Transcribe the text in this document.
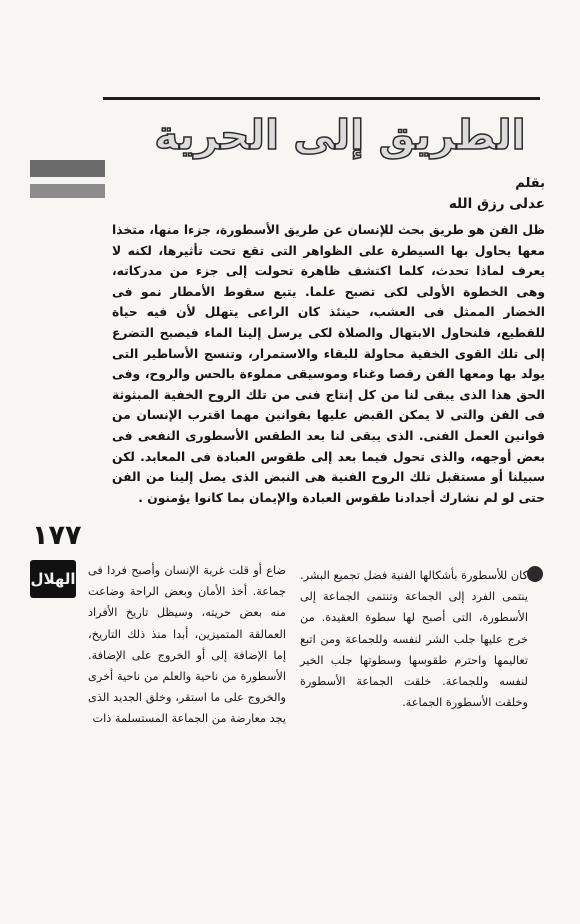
الطريق إلى الحرية
بقلم
عدلى رزق الله

ظل الفن هو طريق بحث للإنسان عن طريق الأسطورة، جزءا منها، متخذا معها يحاول بها السيطرة على الظواهر التى تقع تحت تأثيرها، لكنه لا يعرف لماذا تحدث، كلما اكتشف ظاهرة تحولت إلى جزء من مدركاته، وهى الخطوة الأولى لكى تصبح علما. يتبع سقوط الأمطار نمو فى الخضار الممثل فى العشب، حينئذ كان الراعى يتهلل لأن فيه حياة للقطيع، فلنحاول الابتهال والصلاة لكى يرسل إلينا الماء فيصبح التضرع إلى تلك القوى الخفية محاولة للبقاء والاستمرار، وتنسج الأساطير التى يولد بها ومعها الفن رقصا وغناء وموسيقى مملوءة بالحس والروح، وفى الحق هذا الذى يبقى لنا من كل إنتاج فنى من تلك الروح الخفية المبثوثة فى الفن والتى لا يمكن القبض عليها بقوانين مهما اقترب الإنسان من قوانين العمل الفنى. الذى يبقى لنا بعد الطقس الأسطورى النفعى فى بعض أوجهه، والذى تحول فيما بعد إلى طقوس العبادة فى المعابد. لكن سبيلنا أو مستقبل تلك الروح الفنية هى النبض الذى يصل إلينا من الفن حتى لو لم نشارك أجدادنا طقوس العبادة والإيمان بما كانوا يؤمنون .

١٧٧
الهلال	كان للأسطورة بأشكالها الفنية فضل تجميع البشر. ينتمى الفرد إلى الجماعة وتنتمى الجماعة إلى الأسطورة، التى أصبح لها سطوة العقيدة. من خرج عليها جلب الشر لنفسه وللجماعة ومن اتبع تعاليمها واحترم طقوسها وسطوتها جلب الخير لنفسه وللجماعة. خلقت الجماعة الأسطورة وخلقت الأسطورة الجماعة.

ضاع أو قلت غربة الإنسان وأصبح فردا فى جماعة. أخذ الأمان وبعض الراحة وضاعت منه بعض حريته، وسيظل تاريخ الأفراد العمالقة المتميزين، أبدا منذ ذلك التاريخ، إما الإضافة إلى أو الخروج على الإضافة. الأسطورة من ناحية والعلم من ناحية أخرى والخروج على ما استقر، وخلق الجديد الذى يجد معارضة من الجماعة المستسلمة ذات
